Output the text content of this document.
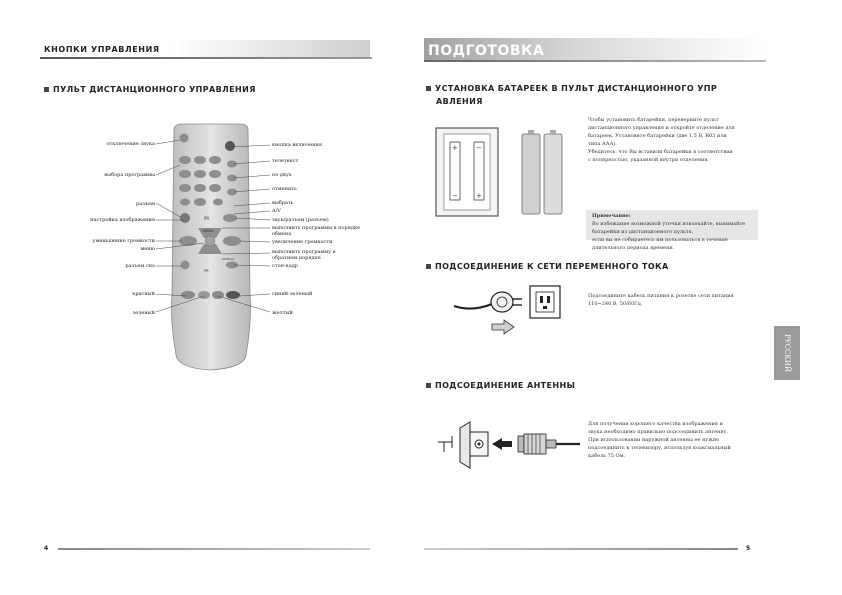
КНОПКИ УПРАВЛЕНИЯ
ПУЛЬТ ДИСТАНЦИОННОГО УПРАВЛЕНИЯ
PR
MENU
DISPLAY
PR
отключение звука
выбора программы
разъем
настройка изображения
уменьшение громкости
меню
разъем сна
красный
зеленый
кнопка включения
телетекст
по двух
отменить
выбрать
A/V
звук/разъем (разъем)
выполнить программы в порядке обмена
увеличение громкости
выполнить программу в обратном порядке
стоп-кадр
синий-зеленый
желтый
4
ПОДГОТОВКА
УСТАНОВКА БАТАРЕЕК В ПУЛЬТ ДИСТАНЦИОННОГО УПР
АВЛЕНИЯ
+	−
−	+
Чтобы установить батарейки, переверните пульт
дистанционного управления и откройте отделение для
батареек. Установите батарейки (две 1,5 В, R03 или
типа ААА).
Убедитесь, что Вы вставили батарейки в соответствии
с полярностью, указанной внутри отделения.
Примечание:
Во избежание возможной утечки извлекайте, вынимайте
батарейки из дистанционного пульта,
если вы не собираетесь им пользоваться в течение
длительного периода времени.
ПОДСОЕДИНЕНИЕ К СЕТИ ПЕРЕМЕННОГО ТОКА
Подсоедините кабель питания к розетке сети питания
110~240 В, 50/60Гц.
ПОДСОЕДИНЕНИЕ АНТЕННЫ
Для получения хорошего качества изображения и
звука необходимо правильно подсоединить антенну.
При использовании наружной антенны ее нужно
подсоединить к телевизору, используя коаксиальный
кабель 75 Ом.
РУССКИЙ
5
